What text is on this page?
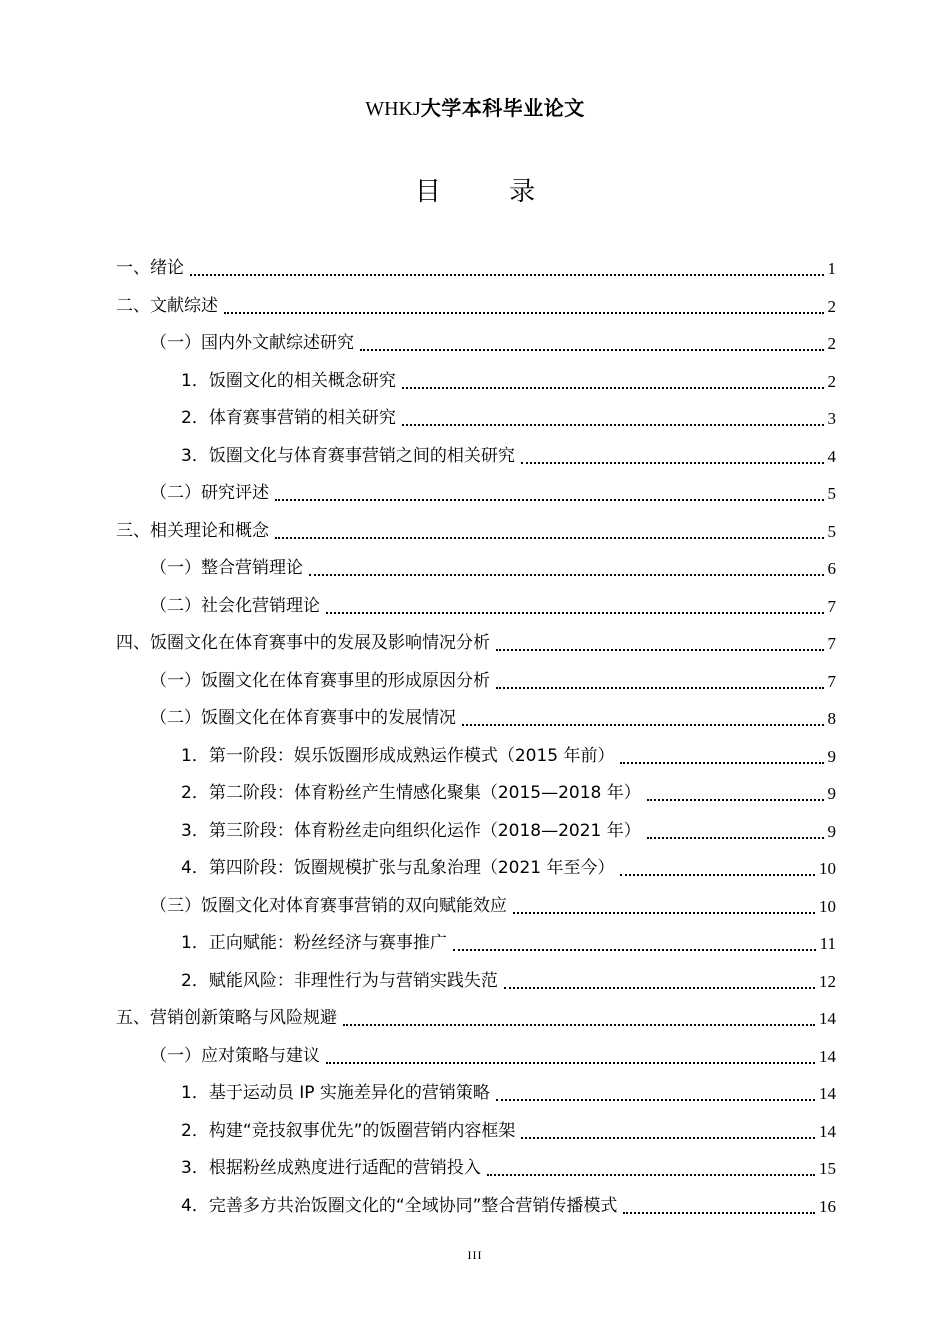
WHKJ大学本科毕业论文
目 录
一、绪论	1
二、文献综述	2
（一）国内外文献综述研究	2
1．饭圈文化的相关概念研究	2
2．体育赛事营销的相关研究	3
3．饭圈文化与体育赛事营销之间的相关研究	4
（二）研究评述	5
三、相关理论和概念	5
（一）整合营销理论	6
（二）社会化营销理论	7
四、饭圈文化在体育赛事中的发展及影响情况分析	7
（一）饭圈文化在体育赛事里的形成原因分析	7
（二）饭圈文化在体育赛事中的发展情况	8
1．第一阶段：娱乐饭圈形成成熟运作模式（2015 年前）	9
2．第二阶段：体育粉丝产生情感化聚集（2015—2018 年）	9
3．第三阶段：体育粉丝走向组织化运作（2018—2021 年）	9
4．第四阶段：饭圈规模扩张与乱象治理（2021 年至今）	10
（三）饭圈文化对体育赛事营销的双向赋能效应	10
1．正向赋能：粉丝经济与赛事推广	11
2．赋能风险：非理性行为与营销实践失范	12
五、营销创新策略与风险规避	14
（一）应对策略与建议	14
1．基于运动员 IP 实施差异化的营销策略	14
2．构建“竞技叙事优先”的饭圈营销内容框架	14
3．根据粉丝成熟度进行适配的营销投入	15
4．完善多方共治饭圈文化的“全域协同”整合营销传播模式	16
III
